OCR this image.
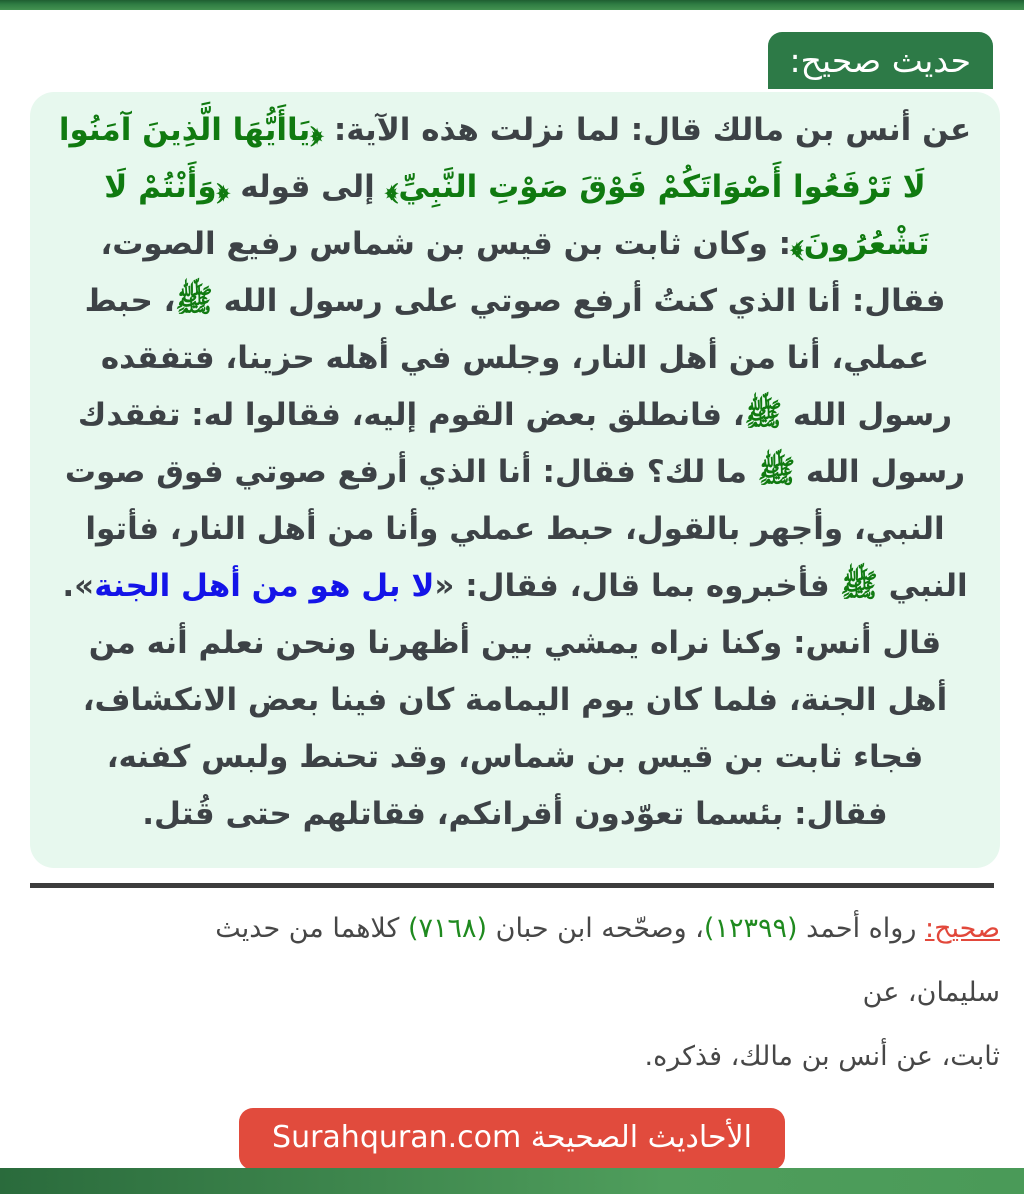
حديث صحيح:

عن أنس بن مالك قال: لما نزلت هذه الآية: ﴿يَاأَيُّهَا الَّذِينَ آمَنُوا لَا تَرْفَعُوا أَصْوَاتَكُمْ فَوْقَ صَوْتِ النَّبِيِّ﴾ إلى قوله ﴿وَأَنْتُمْ لَا تَشْعُرُونَ﴾: وكان ثابت بن قيس بن شماس رفيع الصوت، فقال: أنا الذي كنتُ أرفع صوتي على رسول الله ﷺ، حبط عملي، أنا من أهل النار، وجلس في أهله حزينا، فتفقده رسول الله ﷺ، فانطلق بعض القوم إليه، فقالوا له: تفقدك رسول الله ﷺ ما لك؟ فقال: أنا الذي أرفع صوتي فوق صوت النبي، وأجهر بالقول، حبط عملي وأنا من أهل النار، فأتوا النبي ﷺ فأخبروه بما قال، فقال: «لا بل هو من أهل الجنة».

قال أنس: وكنا نراه يمشي بين أظهرنا ونحن نعلم أنه من أهل الجنة، فلما كان يوم اليمامة كان فينا بعض الانكشاف، فجاء ثابت بن قيس بن شماس، وقد تحنط ولبس كفنه، فقال: بئسما تعوّدون أقرانكم، فقاتلهم حتى قُتل.

صحيح: رواه أحمد (١٢٣٩٩)، وصحّحه ابن حبان (٧١٦٨) كلاهما من حديث
سليمان، عن
ثابت، عن أنس بن مالك، فذكره.
الأحاديث الصحيحة Surahquran.com
